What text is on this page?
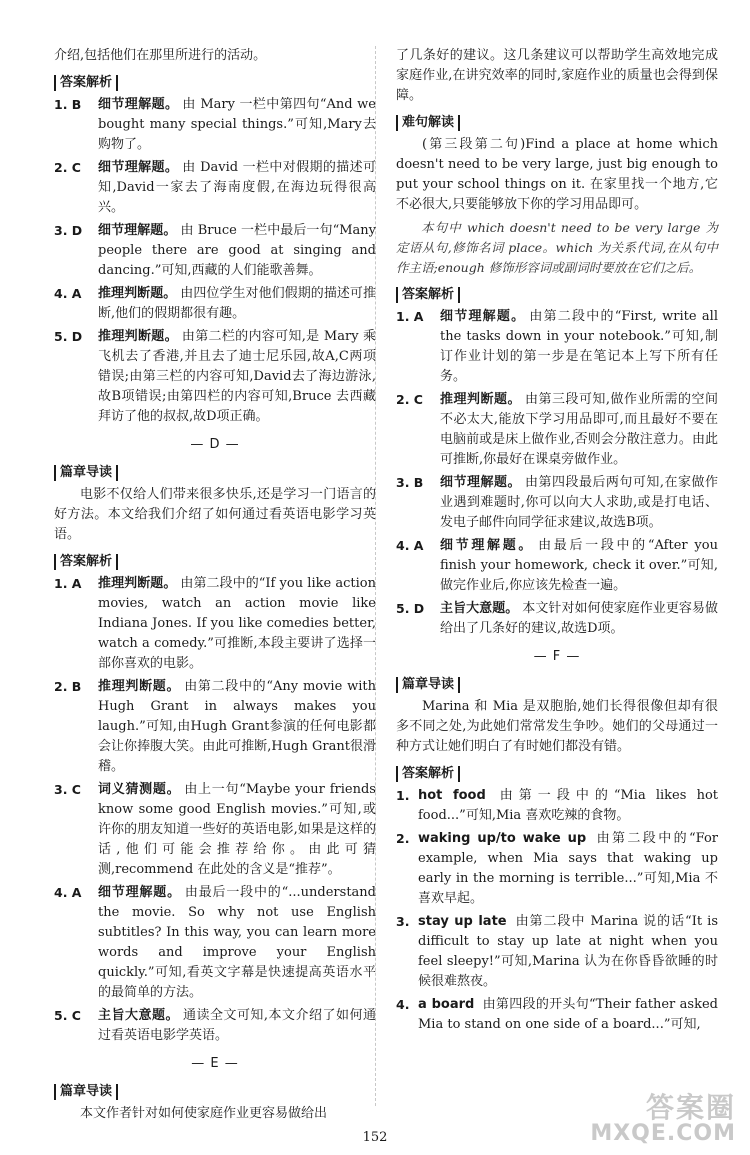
介绍,包括他们在那里所进行的活动。

答案解析
1. B	细节理解题。 由 Mary 一栏中第四句“And we bought many special things.”可知,Mary去购物了。
2. C	细节理解题。 由 David 一栏中对假期的描述可知,David一家去了海南度假,在海边玩得很高兴。
3. D	细节理解题。 由 Bruce 一栏中最后一句“Many people there are good at singing and dancing.”可知,西藏的人们能歌善舞。
4. A	推理判断题。 由四位学生对他们假期的描述可推断,他们的假期都很有趣。
5. D	推理判断题。 由第二栏的内容可知,是 Mary 乘飞机去了香港,并且去了迪士尼乐园,故A,C两项错误;由第三栏的内容可知,David去了海边游泳,故B项错误;由第四栏的内容可知,Bruce 去西藏拜访了他的叔叔,故D项正确。
— D —
篇章导读

电影不仅给人们带来很多快乐,还是学习一门语言的好方法。本文给我们介绍了如何通过看英语电影学习英语。

答案解析
1. A	推理判断题。 由第二段中的“If you like action movies, watch an action movie like Indiana Jones. If you like comedies better, watch a comedy.”可推断,本段主要讲了选择一部你喜欢的电影。
2. B	推理判断题。 由第二段中的“Any movie with Hugh Grant in always makes you laugh.”可知,由Hugh Grant参演的任何电影都会让你捧腹大笑。由此可推断,Hugh Grant很滑稽。
3. C	词义猜测题。 由上一句“Maybe your friends know some good English movies.”可知,或许你的朋友知道一些好的英语电影,如果是这样的话,他们可能会推荐给你。由此可猜测,recommend 在此处的含义是“推荐”。
4. A	细节理解题。 由最后一段中的“...understand the movie. So why not use English subtitles? In this way, you can learn more words and improve your English quickly.”可知,看英文字幕是快速提高英语水平的最简单的方法。
5. C	主旨大意题。 通读全文可知,本文介绍了如何通过看英语电影学英语。
— E —
篇章导读

本文作者针对如何使家庭作业更容易做给出

了几条好的建议。这几条建议可以帮助学生高效地完成家庭作业,在讲究效率的同时,家庭作业的质量也会得到保障。

难句解读

(第三段第二句)Find a place at home which doesn't need to be very large, just big enough to put your school things on it. 在家里找一个地方,它不必很大,只要能够放下你的学习用品即可。

本句中 which doesn't need to be very large 为定语从句,修饰名词 place。which 为关系代词,在从句中作主语;enough 修饰形容词或副词时要放在它们之后。

答案解析
1. A	细节理解题。 由第二段中的“First, write all the tasks down in your notebook.”可知,制订作业计划的第一步是在笔记本上写下所有任务。
2. C	推理判断题。 由第三段可知,做作业所需的空间不必太大,能放下学习用品即可,而且最好不要在电脑前或是床上做作业,否则会分散注意力。由此可推断,你最好在课桌旁做作业。
3. B	细节理解题。 由第四段最后两句可知,在家做作业遇到难题时,你可以向大人求助,或是打电话、发电子邮件向同学征求建议,故选B项。
4. A	细节理解题。 由最后一段中的“After you finish your homework, check it over.”可知,做完作业后,你应该先检查一遍。
5. D	主旨大意题。 本文针对如何使家庭作业更容易做给出了几条好的建议,故选D项。
— F —
篇章导读

Marina 和 Mia 是双胞胎,她们长得很像但却有很多不同之处,为此她们常常发生争吵。她们的父母通过一种方式让她们明白了有时她们都没有错。

答案解析
1. hot food 由第一段中的“Mia likes hot food...”可知,Mia 喜欢吃辣的食物。
2. waking up/to wake up 由第二段中的“For example, when Mia says that waking up early in the morning is terrible...”可知,Mia 不喜欢早起。
3. stay up late 由第二段中 Marina 说的话“It is difficult to stay up late at night when you feel sleepy!”可知,Marina 认为在你昏昏欲睡的时候很难熬夜。
4. a board 由第四段的开头句“Their father asked Mia to stand on one side of a board...”可知,
152
答案圈
MXQE.COM
